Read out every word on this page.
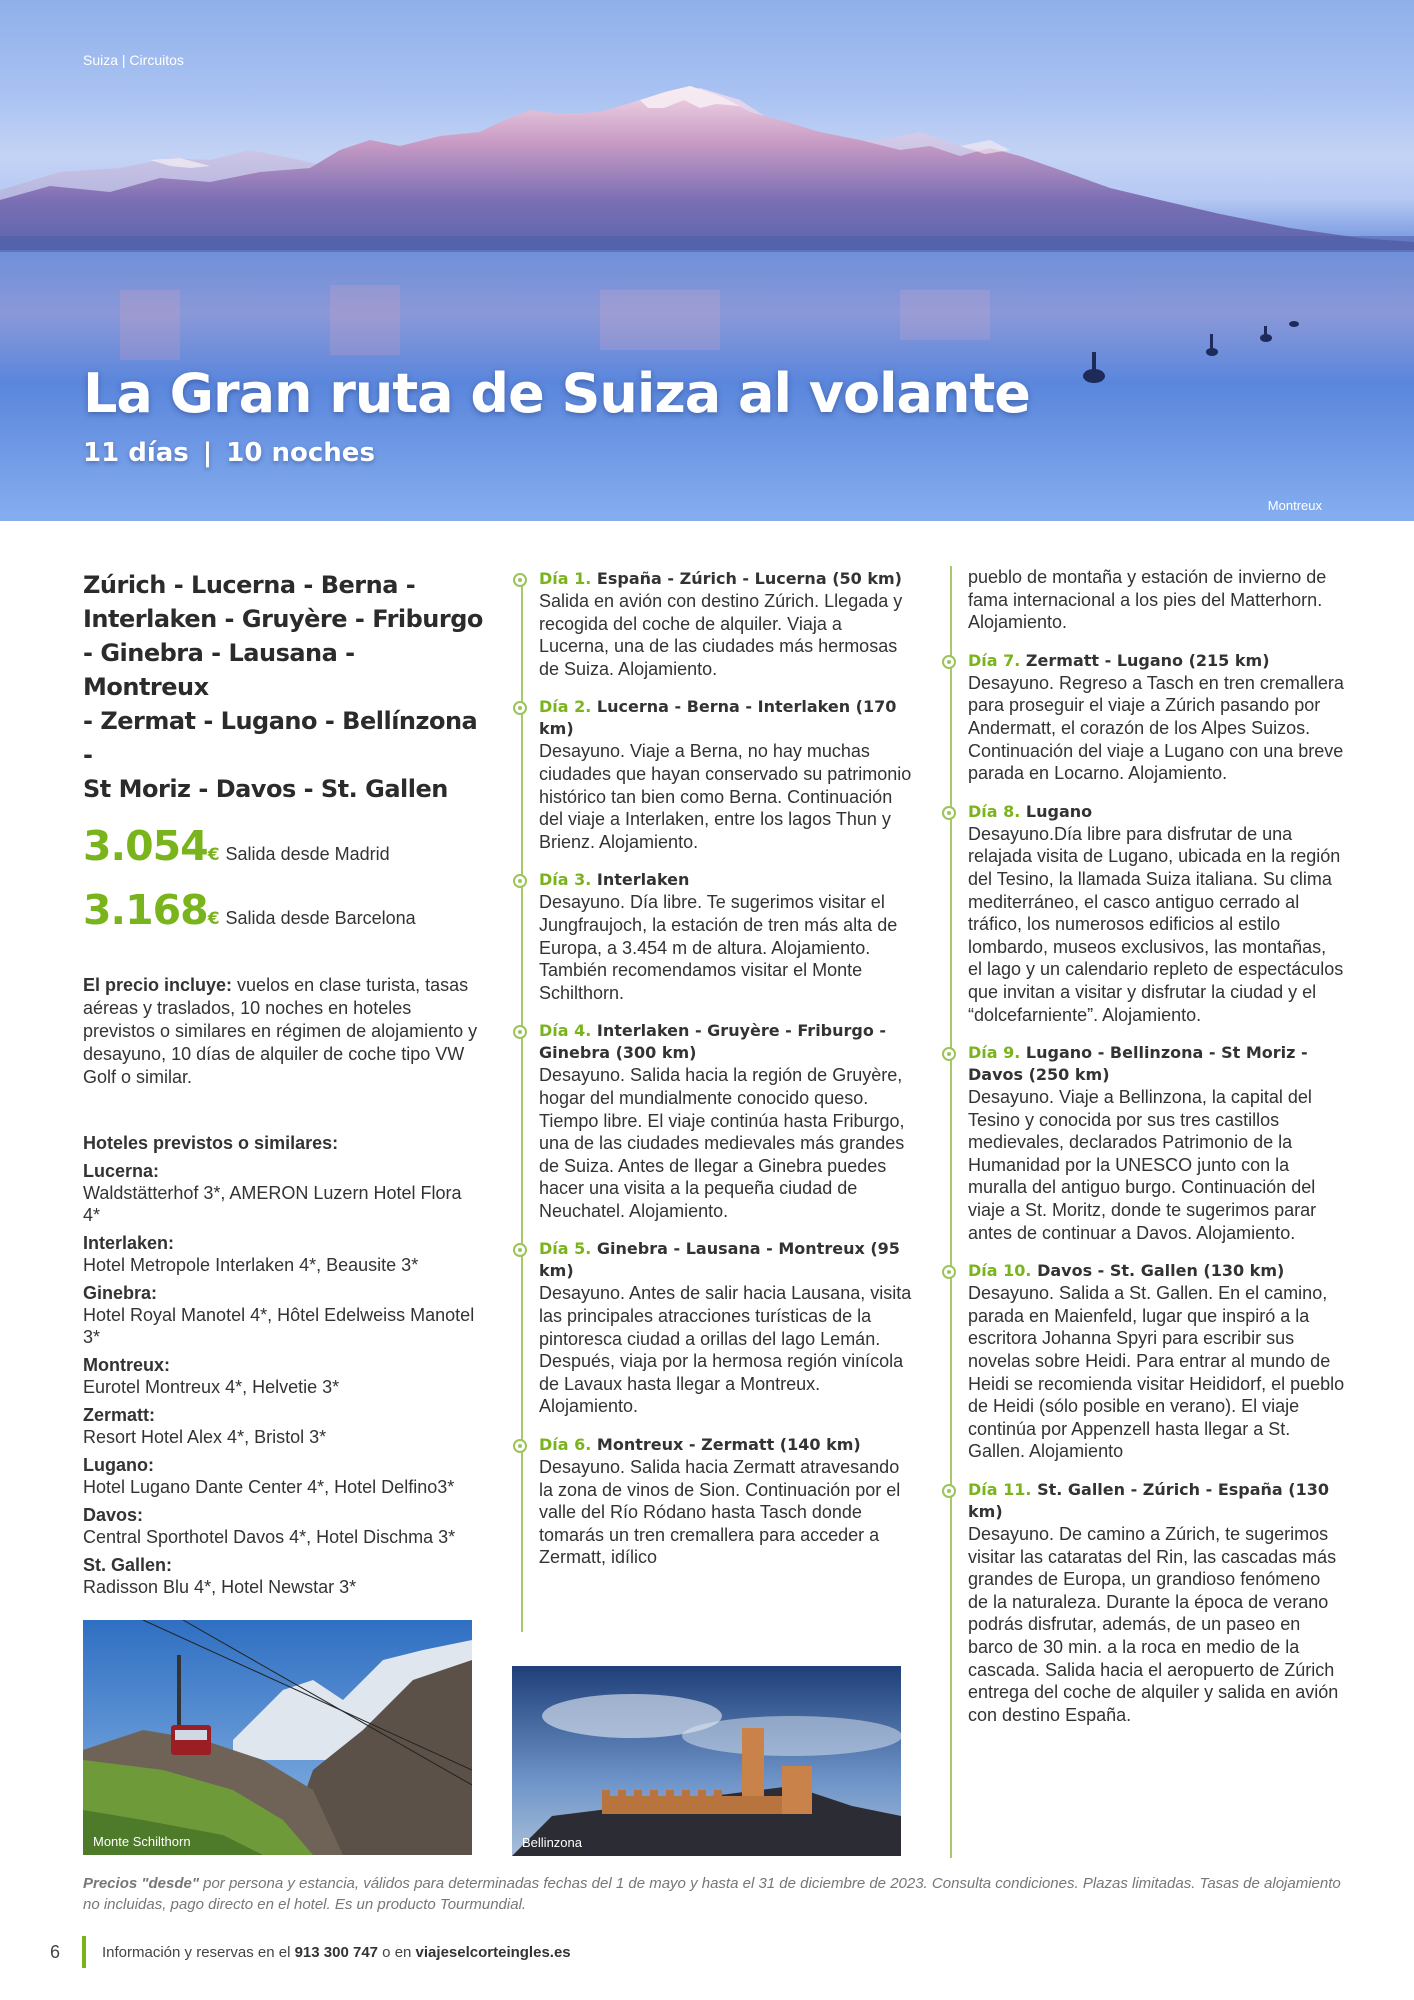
Suiza | Circuitos
La Gran ruta de Suiza al volante
11 días | 10 noches
Montreux
Zúrich - Lucerna - Berna -
Interlaken - Gruyère - Friburgo
- Ginebra - Lausana - Montreux
- Zermat - Lugano - Bellínzona -
St Moriz - Davos - St. Gallen
3.054 € Salida desde Madrid
3.168 € Salida desde Barcelona
El precio incluye: vuelos en clase turista, tasas aéreas y traslados, 10 noches en hoteles previstos o similares en régimen de alojamiento y desayuno, 10 días de alquiler de coche tipo VW Golf o similar.
Hoteles previstos o similares:
Lucerna:
Waldstätterhof 3*, AMERON Luzern Hotel Flora 4*
Interlaken:
Hotel Metropole Interlaken 4*, Beausite 3*
Ginebra:
Hotel Royal Manotel 4*, Hôtel Edelweiss Manotel 3*
Montreux:
Eurotel Montreux 4*, Helvetie 3*
Zermatt:
Resort Hotel Alex 4*, Bristol 3*
Lugano:
Hotel Lugano Dante Center 4*, Hotel Delfino3*
Davos:
Central Sporthotel Davos 4*, Hotel Dischma 3*
St. Gallen:
Radisson Blu 4*, Hotel Newstar 3*
Monte Schilthorn
Día 1. España - Zúrich - Lucerna (50 km)
Salida en avión con destino Zúrich. Llegada y recogida del coche de alquiler. Viaja a Lucerna, una de las ciudades más hermosas de Suiza. Alojamiento.
Día 2. Lucerna - Berna - Interlaken (170 km)
Desayuno. Viaje a Berna, no hay muchas ciudades que hayan conservado su patrimonio histórico tan bien como Berna. Continuación del viaje a Interlaken, entre los lagos Thun y Brienz. Alojamiento.
Día 3. Interlaken
Desayuno. Día libre. Te sugerimos visitar el Jungfraujoch, la estación de tren más alta de Europa, a 3.454 m de altura. Alojamiento. También recomendamos visitar el Monte Schilthorn.
Día 4. Interlaken - Gruyère - Friburgo - Ginebra (300 km)
Desayuno. Salida hacia la región de Gruyère, hogar del mundialmente conocido queso. Tiempo libre. El viaje continúa hasta Friburgo, una de las ciudades medievales más grandes de Suiza. Antes de llegar a Ginebra puedes hacer una visita a la pequeña ciudad de Neuchatel. Alojamiento.
Día 5. Ginebra - Lausana - Montreux (95 km)
Desayuno. Antes de salir hacia Lausana, visita las principales atracciones turísticas de la pintoresca ciudad a orillas del lago Lemán. Después, viaja por la hermosa región vinícola de Lavaux hasta llegar a Montreux. Alojamiento.
Día 6. Montreux - Zermatt (140 km)
Desayuno. Salida hacia Zermatt atravesando la zona de vinos de Sion. Continuación por el valle del Río Ródano hasta Tasch donde tomarás un tren cremallera para acceder a Zermatt, idílico
Bellinzona
pueblo de montaña y estación de invierno de fama internacional a los pies del Matterhorn. Alojamiento.
Día 7. Zermatt - Lugano (215 km)
Desayuno. Regreso a Tasch en tren cremallera para proseguir el viaje a Zúrich pasando por Andermatt, el corazón de los Alpes Suizos. Continuación del viaje a Lugano con una breve parada en Locarno. Alojamiento.
Día 8. Lugano
Desayuno.Día libre para disfrutar de una relajada visita de Lugano, ubicada en la región del Tesino, la llamada Suiza italiana. Su clima mediterráneo, el casco antiguo cerrado al tráfico, los numerosos edificios al estilo lombardo, museos exclusivos, las montañas, el lago y un calendario repleto de espectáculos que invitan a visitar y disfrutar la ciudad y el “dolcefarniente”. Alojamiento.
Día 9. Lugano - Bellinzona - St Moriz - Davos (250 km)
Desayuno. Viaje a Bellinzona, la capital del Tesino y conocida por sus tres castillos medievales, declarados Patrimonio de la Humanidad por la UNESCO junto con la muralla del antiguo burgo. Continuación del viaje a St. Moritz, donde te sugerimos parar antes de continuar a Davos. Alojamiento.
Día 10. Davos - St. Gallen (130 km)
Desayuno. Salida a St. Gallen. En el camino, parada en Maienfeld, lugar que inspiró a la escritora Johanna Spyri para escribir sus novelas sobre Heidi. Para entrar al mundo de Heidi se recomienda visitar Heididorf, el pueblo de Heidi (sólo posible en verano). El viaje continúa por Appenzell hasta llegar a St. Gallen. Alojamiento
Día 11. St. Gallen - Zúrich - España (130 km)
Desayuno. De camino a Zúrich, te sugerimos visitar las cataratas del Rin, las cascadas más grandes de Europa, un grandioso fenómeno de la naturaleza. Durante la época de verano podrás disfrutar, además, de un paseo en barco de 30 min. a la roca en medio de la cascada. Salida hacia el aeropuerto de Zúrich entrega del coche de alquiler y salida en avión con destino España.
Precios "desde" por persona y estancia, válidos para determinadas fechas del 1 de mayo y hasta el 31 de diciembre de 2023. Consulta condiciones. Plazas limitadas. Tasas de alojamiento no incluidas, pago directo en el hotel. Es un producto Tourmundial.
6	Información y reservas en el 913 300 747 o en viajeselcorteingles.es
